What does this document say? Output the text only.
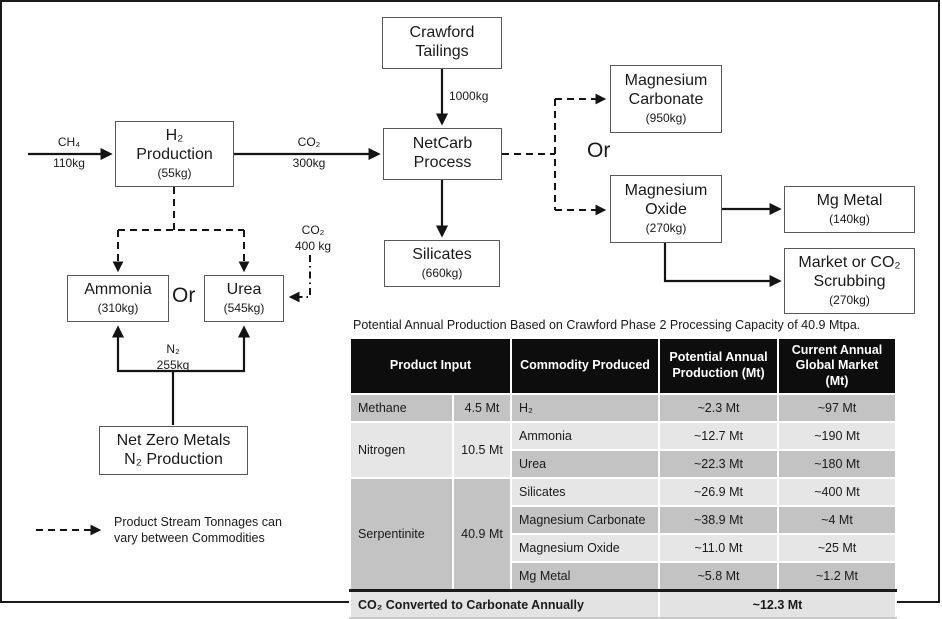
Crawford
Tailings
H₂
Production
(55kg)
NetCarb
Process
Silicates
(660kg)
Magnesium
Carbonate
(950kg)
Magnesium
Oxide
(270kg)
Mg Metal
(140kg)
Market or CO₂
Scrubbing
(270kg)
Ammonia
(310kg)
Urea
(545kg)
Net Zero Metals
N₂ Production
CH₄
110kg
CO₂
300kg
1000kg
CO₂
400 kg
N₂
255kg
Or
Or
Product Stream Tonnages can
vary between Commodities
Potential Annual Production Based on Crawford Phase 2 Processing Capacity of 40.9 Mtpa.
Product Input		Commodity Produced	Potential Annual Production (Mt)	Current Annual Global Market (Mt)
Methane	4.5 Mt	H₂	~2.3 Mt	~97 Mt
Nitrogen	10.5 Mt	Ammonia	~12.7 Mt	~190 Mt
		Urea	~22.3 Mt	~180 Mt
Serpentinite	40.9 Mt	Silicates	~26.9 Mt	~400 Mt
		Magnesium Carbonate	~38.9 Mt	~4 Mt
		Magnesium Oxide	~11.0 Mt	~25 Mt
		Mg Metal	~5.8 Mt	~1.2 Mt
CO₂ Converted to Carbonate Annually			~12.3 Mt	
